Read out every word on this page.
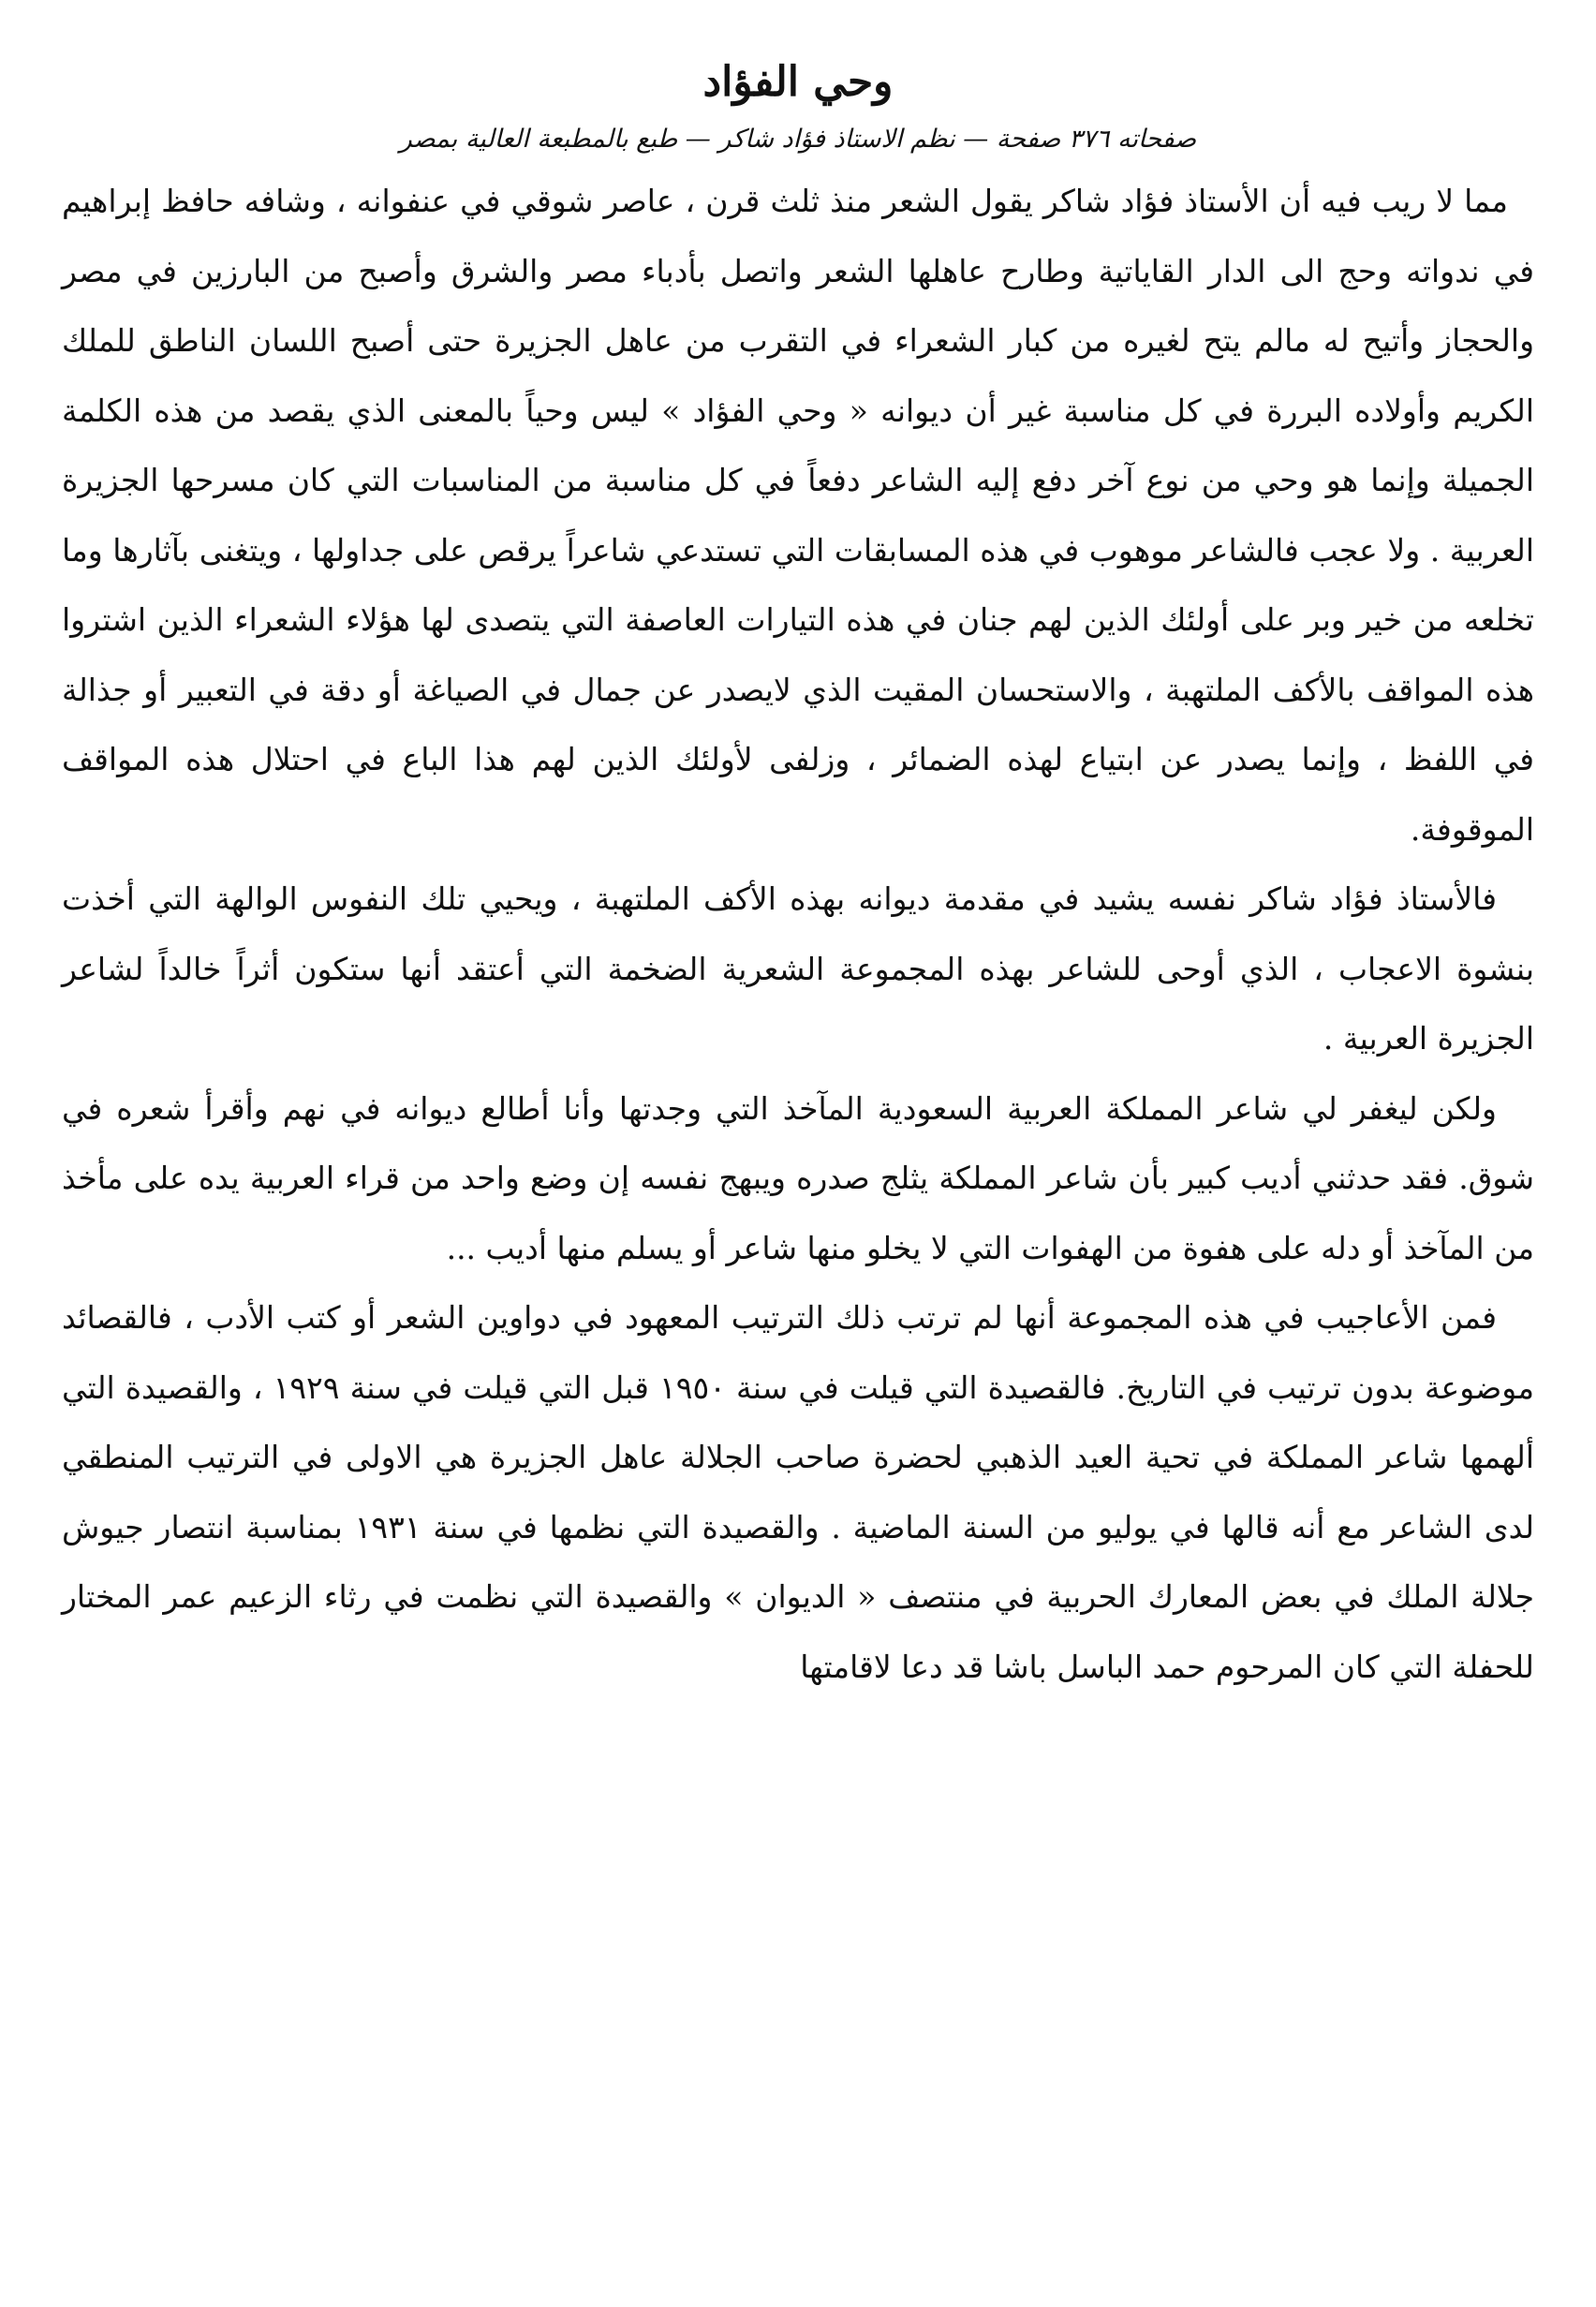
وحي الفؤاد

صفحاته ٣٧٦ صفحة — نظم الاستاذ فؤاد شاكر — طبع بالمطبعة العالية بمصر

مما لا ريب فيه أن الأستاذ فؤاد شاكر يقول الشعر منذ ثلث قرن ، عاصر شوقي في عنفوانه ، وشافه حافظ إبراهيم في ندواته وحج الى الدار القاياتية وطارح عاهلها الشعر واتصل بأدباء مصر والشرق وأصبح من البارزين في مصر والحجاز وأتيح له مالم يتح لغيره من كبار الشعراء في التقرب من عاهل الجزيرة حتى أصبح اللسان الناطق للملك الكريم وأولاده البررة في كل مناسبة غير أن ديوانه « وحي الفؤاد » ليس وحياً بالمعنى الذي يقصد من هذه الكلمة الجميلة وإنما هو وحي من نوع آخر دفع إليه الشاعر دفعاً في كل مناسبة من المناسبات التي كان مسرحها الجزيرة العربية . ولا عجب فالشاعر موهوب في هذه المسابقات التي تستدعي شاعراً يرقص على جداولها ، ويتغنى بآثارها وما تخلعه من خير وبر على أولئك الذين لهم جنان في هذه التيارات العاصفة التي يتصدى لها هؤلاء الشعراء الذين اشتروا هذه المواقف بالأكف الملتهبة ، والاستحسان المقيت الذي لايصدر عن جمال في الصياغة أو دقة في التعبير أو جذالة في اللفظ ، وإنما يصدر عن ابتياع لهذه الضمائر ، وزلفى لأولئك الذين لهم هذا الباع في احتلال هذه المواقف الموقوفة.

فالأستاذ فؤاد شاكر نفسه يشيد في مقدمة ديوانه بهذه الأكف الملتهبة ، ويحيي تلك النفوس الوالهة التي أخذت بنشوة الاعجاب ، الذي أوحى للشاعر بهذه المجموعة الشعرية الضخمة التي أعتقد أنها ستكون أثراً خالداً لشاعر الجزيرة العربية .

ولكن ليغفر لي شاعر المملكة العربية السعودية المآخذ التي وجدتها وأنا أطالع ديوانه في نهم وأقرأ شعره في شوق. فقد حدثني أديب كبير بأن شاعر المملكة يثلج صدره ويبهج نفسه إن وضع واحد من قراء العربية يده على مأخذ من المآخذ أو دله على هفوة من الهفوات التي لا يخلو منها شاعر أو يسلم منها أديب ...

فمن الأعاجيب في هذه المجموعة أنها لم ترتب ذلك الترتيب المعهود في دواوين الشعر أو كتب الأدب ، فالقصائد موضوعة بدون ترتيب في التاريخ. فالقصيدة التي قيلت في سنة ١٩٥٠ قبل التي قيلت في سنة ١٩٢٩ ، والقصيدة التي ألهمها شاعر المملكة في تحية العيد الذهبي لحضرة صاحب الجلالة عاهل الجزيرة هي الاولى في الترتيب المنطقي لدى الشاعر مع أنه قالها في يوليو من السنة الماضية . والقصيدة التي نظمها في سنة ١٩٣١ بمناسبة انتصار جيوش جلالة الملك في بعض المعارك الحربية في منتصف « الديوان » والقصيدة التي نظمت في رثاء الزعيم عمر المختار للحفلة التي كان المرحوم حمد الباسل باشا قد دعا لاقامتها
